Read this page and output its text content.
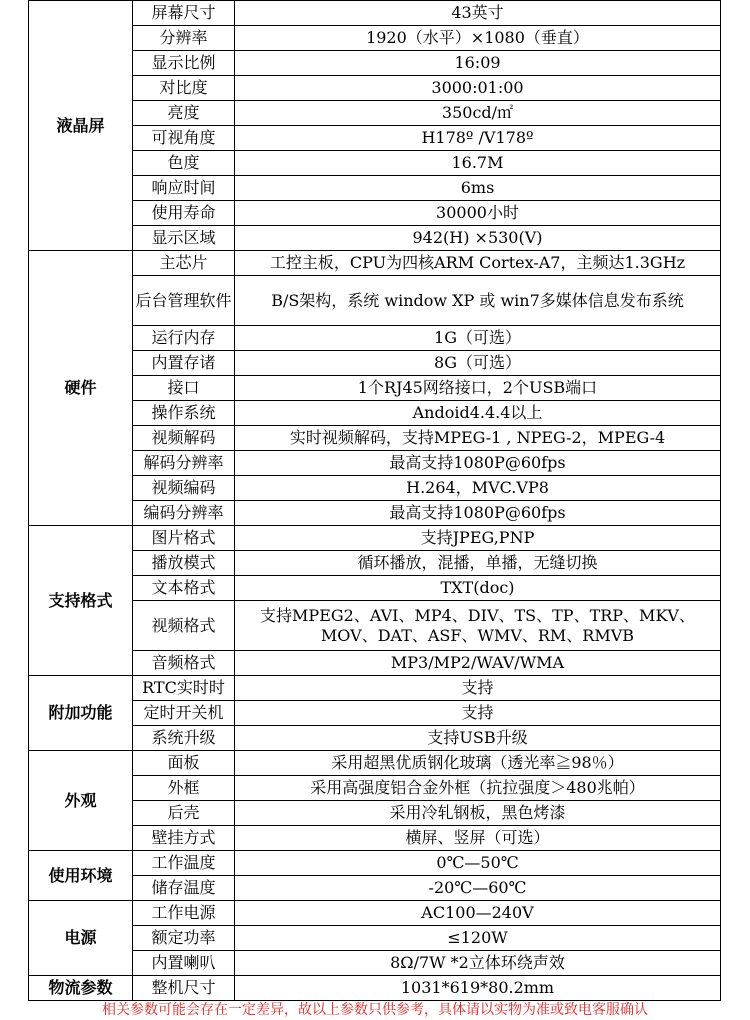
液晶屏	屏幕尺寸	43英寸
	分辨率	1920（水平）×1080（垂直）
	显示比例	16:09
	对比度	3000:01:00
	亮度	350cd/㎡
	可视角度	H178º /V178º
	色度	16.7M
	响应时间	6ms
	使用寿命	30000小时
	显示区域	942(H) ×530(V)
硬件	主芯片	工控主板，CPU为四核ARM Cortex-A7，主频达1.3GHz
	后台管理软件	B/S架构，系统 window XP 或 win7多媒体信息发布系统
	运行内存	1G（可选）
	内置存诸	8G（可选）
	接口	1个RJ45网络接口，2个USB端口
	操作系统	Andoid4.4.4以上
	视频解码	实时视频解码，支持MPEG-1 , NPEG-2，MPEG-4
	解码分辨率	最高支持1080P@60fps
	视频编码	H.264，MVC.VP8
	编码分辨率	最高支持1080P@60fps
支持格式	图片格式	支持JPEG,PNP
	播放模式	循环播放，混播，单播，无缝切换
	文本格式	TXT(doc)
	视频格式	支持MPEG2、AVI、MP4、DIV、TS、TP、TRP、MKV、MOV、DAT、ASF、WMV、RM、RMVB
	音频格式	MP3/MP2/WAV/WMA
附加功能	RTC实时时	支持
	定时开关机	支持
	系统升级	支持USB升级
外观	面板	采用超黑优质钢化玻璃（透光率≧98％）
	外框	采用高强度铝合金外框（抗拉强度＞480兆帕）
	后壳	采用冷轧钢板，黑色烤漆
	壁挂方式	横屏、竖屏（可选）
使用环境	工作温度	0℃—50℃
	储存温度	-20℃—60℃
电源	工作电源	AC100—240V
	额定功率	≤120W
	内置喇叭	8Ω/7W *2立体环绕声效
物流参数	整机尺寸	1031*619*80.2mm
相关参数可能会存在一定差异，故以上参数只供参考，具体请以实物为准或致电客服确认
